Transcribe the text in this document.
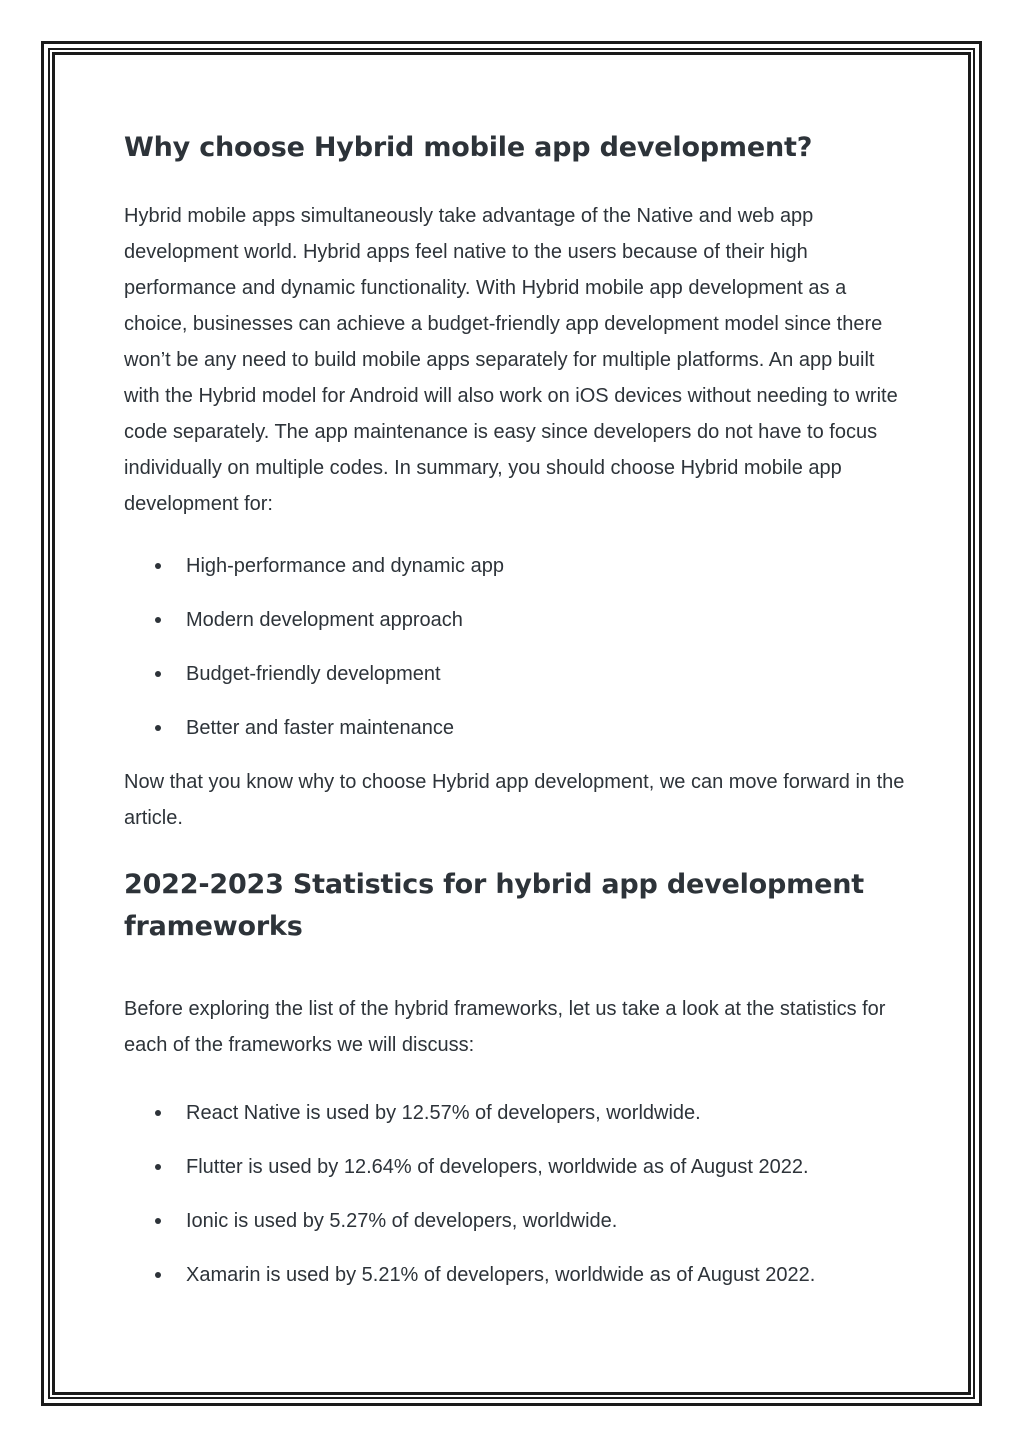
Why choose Hybrid mobile app development?

Hybrid mobile apps simultaneously take advantage of the Native and web app development world. Hybrid apps feel native to the users because of their high performance and dynamic functionality. With Hybrid mobile app development as a choice, businesses can achieve a budget-friendly app development model since there won’t be any need to build mobile apps separately for multiple platforms. An app built with the Hybrid model for Android will also work on iOS devices without needing to write code separately. The app maintenance is easy since developers do not have to focus individually on multiple codes. In summary, you should choose Hybrid mobile app development for:

High-performance and dynamic app
Modern development approach
Budget-friendly development
Better and faster maintenance

Now that you know why to choose Hybrid app development, we can move forward in the article.

2022-2023 Statistics for hybrid app development
frameworks

Before exploring the list of the hybrid frameworks, let us take a look at the statistics for each of the frameworks we will discuss:

React Native is used by 12.57% of developers, worldwide.
Flutter is used by 12.64% of developers, worldwide as of August 2022.
Ionic is used by 5.27% of developers, worldwide.
Xamarin is used by 5.21% of developers, worldwide as of August 2022.
